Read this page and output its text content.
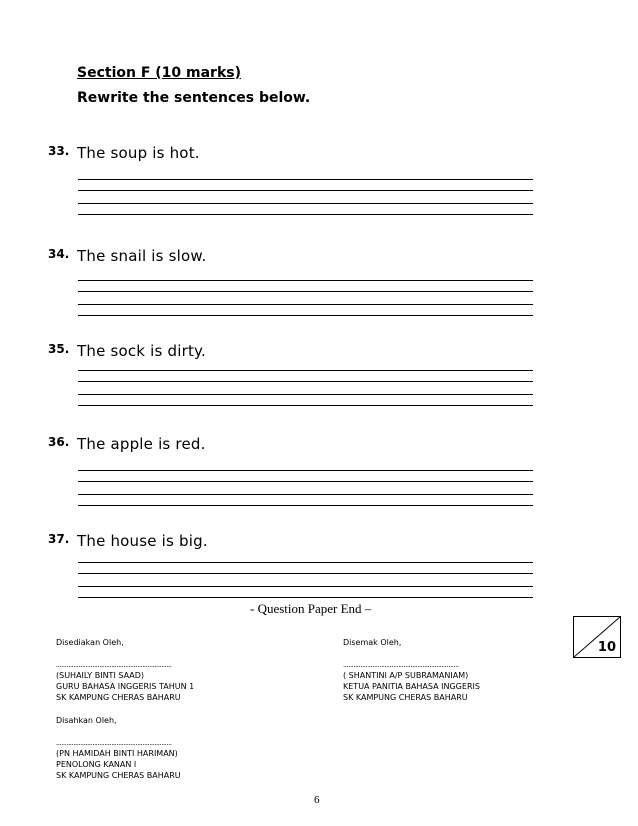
Section F (10 marks)
Rewrite the sentences below.
33. The soup is hot.
34. The snail is slow.
35. The sock is dirty.
36. The apple is red.
37. The house is big.
- Question Paper End –
10
Disediakan Oleh,
...................................................................
(SUHAILY BINTI SAAD)
GURU BAHASA INGGERIS TAHUN 1
SK KAMPUNG CHERAS BAHARU
Disemak Oleh,
...................................................................
( SHANTINI A/P SUBRAMANIAM)
KETUA PANITIA BAHASA INGGERIS
SK KAMPUNG CHERAS BAHARU
Disahkan Oleh,
...................................................................
(PN HAMIDAH BINTI HARIMAN)
PENOLONG KANAN I
SK KAMPUNG CHERAS BAHARU
6
